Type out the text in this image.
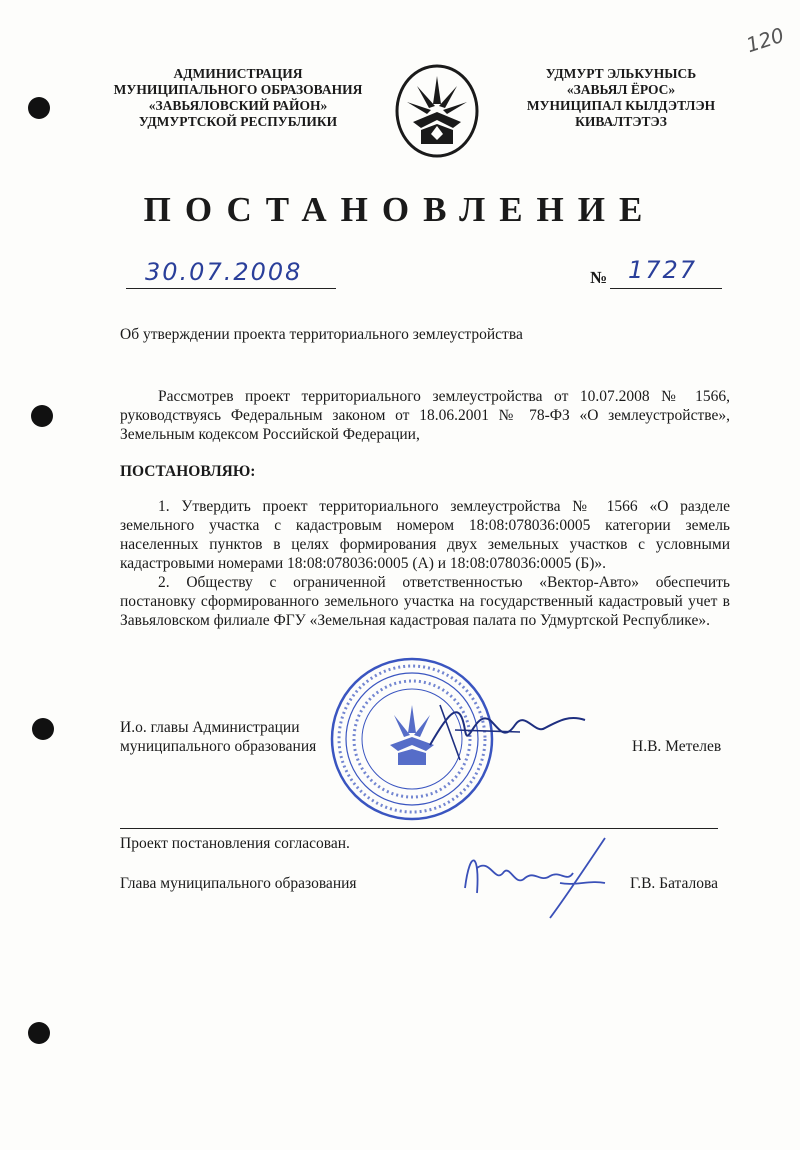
120
АДМИНИСТРАЦИЯ
МУНИЦИПАЛЬНОГО ОБРАЗОВАНИЯ
«ЗАВЬЯЛОВСКИЙ РАЙОН»
УДМУРТСКОЙ РЕСПУБЛИКИ
УДМУРТ ЭЛЬКУНЫСЬ
«ЗАВЬЯЛ ЁРОС»
МУНИЦИПАЛ КЫЛДЭТЛЭН
КИВАЛТЭТЭЗ
ПОСТАНОВЛЕНИЕ
30.07.2008	№ 1727
Об утверждении проекта территориального землеустройства
Рассмотрев проект территориального землеустройства от 10.07.2008 № 1566, руководствуясь Федеральным законом от 18.06.2001 № 78-ФЗ «О землеустройстве», Земельным кодексом Российской Федерации,
ПОСТАНОВЛЯЮ:
1. Утвердить проект территориального землеустройства № 1566 «О разделе земельного участка с кадастровым номером 18:08:078036:0005 категории земель населенных пунктов в целях формирования двух земельных участков с условными кадастровыми номерами 18:08:078036:0005 (А) и 18:08:078036:0005 (Б)».
2. Обществу с ограниченной ответственностью «Вектор-Авто» обеспечить постановку сформированного земельного участка на государственный кадастровый учет в Завьяловском филиале ФГУ «Земельная кадастровая палата по Удмуртской Республике».
И.о. главы Администрации
муниципального образования	Н.В. Метелев
Проект постановления согласован.
Глава муниципального образования	Г.В. Баталова
